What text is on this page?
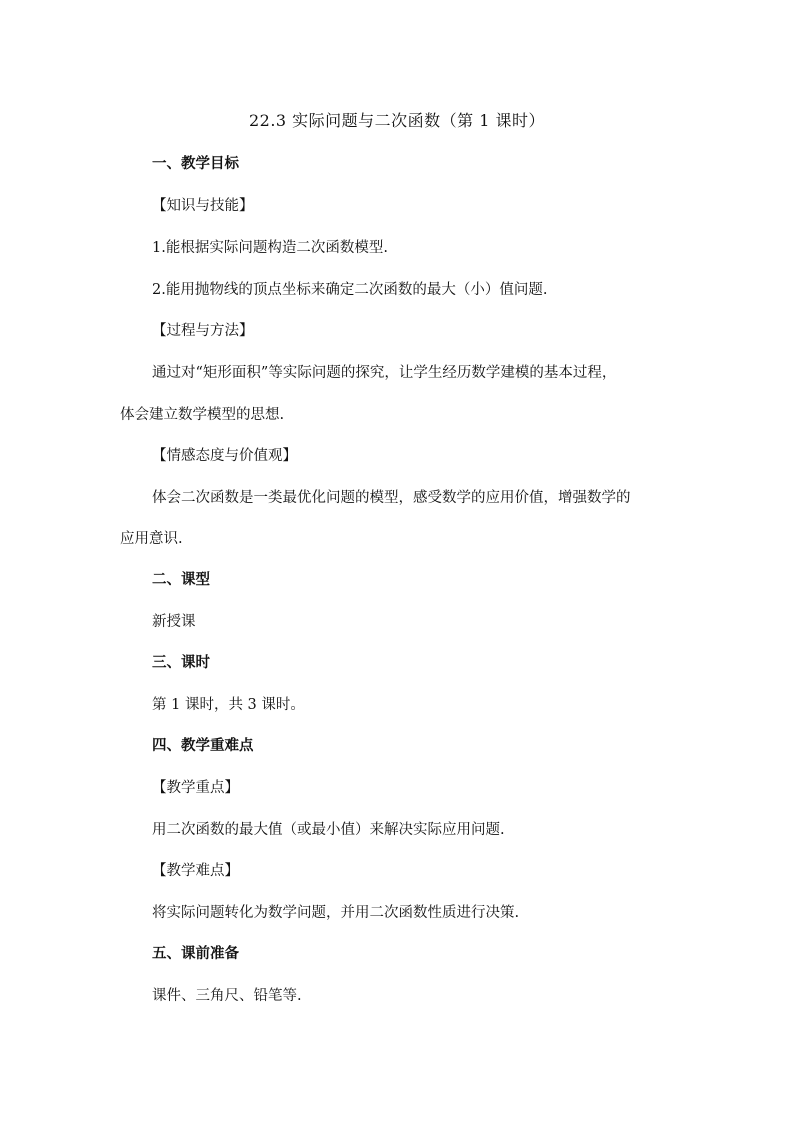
22.3 实际问题与二次函数（第 1 课时）
一、教学目标
【知识与技能】
1.能根据实际问题构造二次函数模型.
2.能用抛物线的顶点坐标来确定二次函数的最大（小）值问题.
【过程与方法】
通过对“矩形面积”等实际问题的探究，让学生经历数学建模的基本过程，
体会建立数学模型的思想.
【情感态度与价值观】
体会二次函数是一类最优化问题的模型，感受数学的应用价值，增强数学的
应用意识.
二、课型
新授课
三、课时
第 1 课时，共 3 课时。
四、教学重难点
【教学重点】
用二次函数的最大值（或最小值）来解决实际应用问题.
【教学难点】
将实际问题转化为数学问题，并用二次函数性质进行决策.
五、课前准备
课件、三角尺、铅笔等.
